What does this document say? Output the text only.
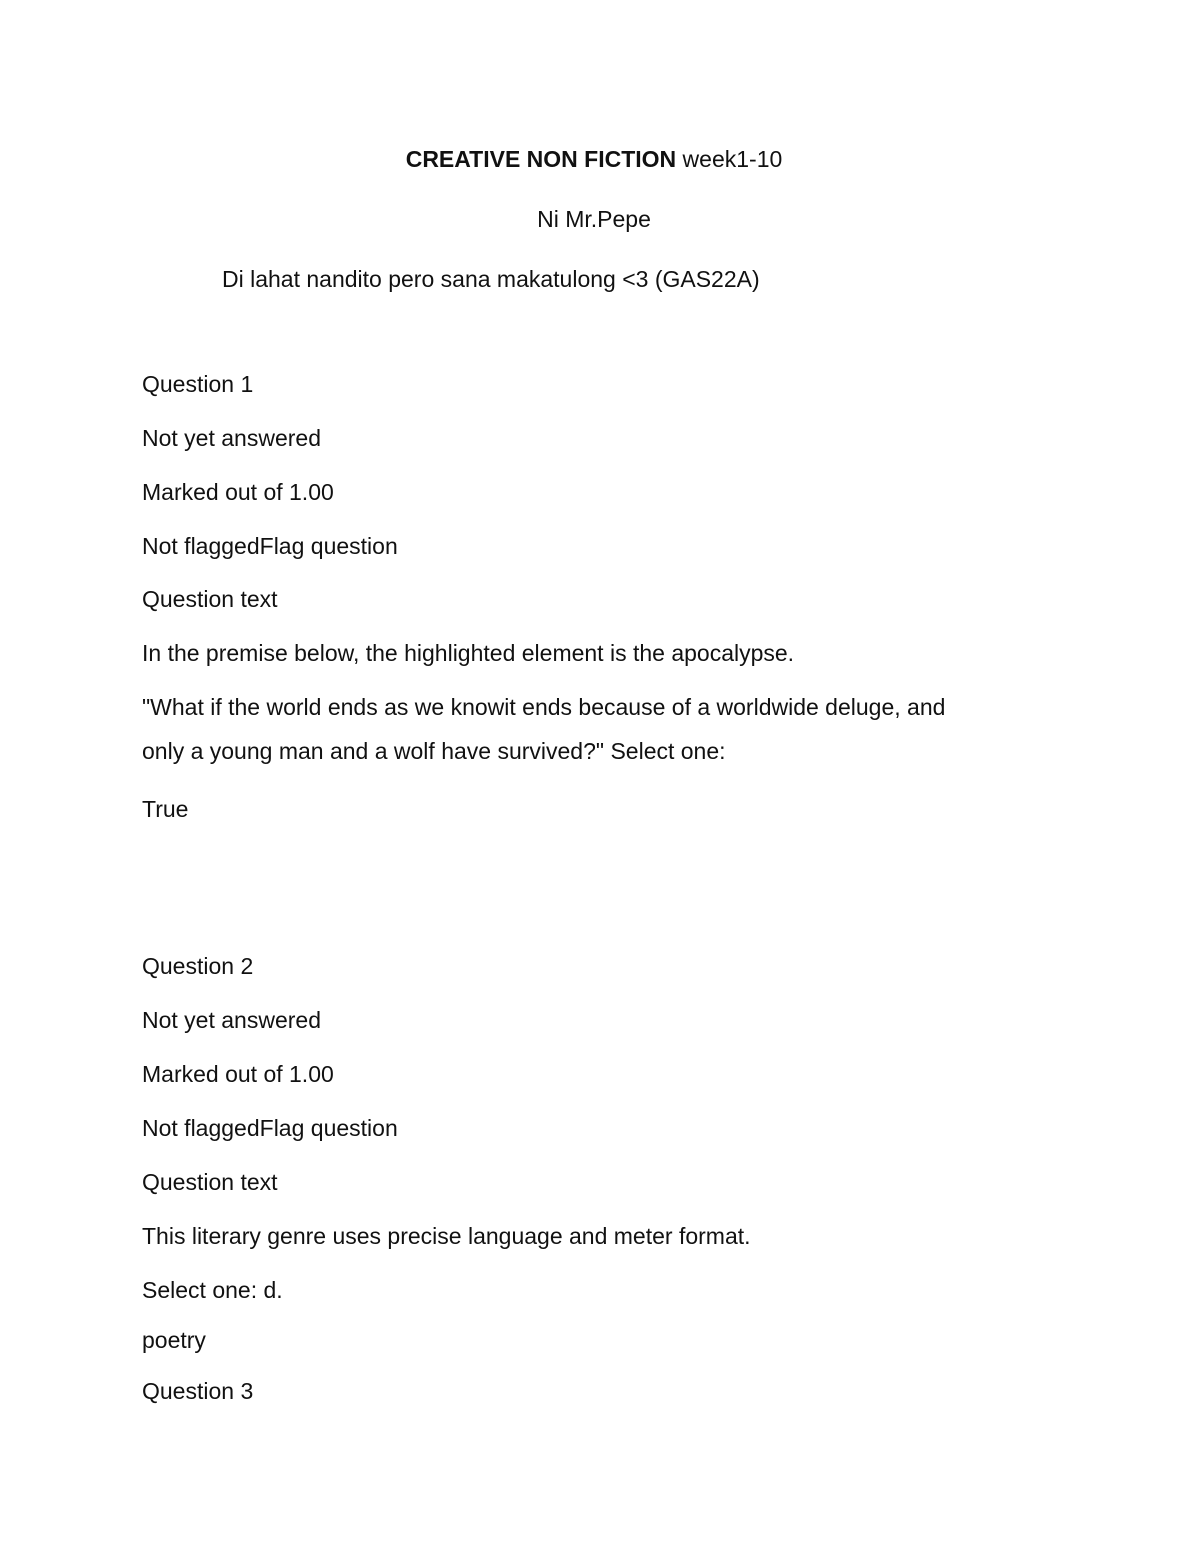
CREATIVE NON FICTION week1-10
Ni Mr.Pepe
Di lahat nandito pero sana makatulong <3 (GAS22A)
Question 1
Not yet answered
Marked out of 1.00
Not flaggedFlag question
Question text
In the premise below, the highlighted element is the apocalypse.
"What if the world ends as we knowit ends because of a worldwide deluge, and
only a young man and a wolf have survived?" Select one:
True
Question 2
Not yet answered
Marked out of 1.00
Not flaggedFlag question
Question text
This literary genre uses precise language and meter format.
Select one: d.
poetry
Question 3
